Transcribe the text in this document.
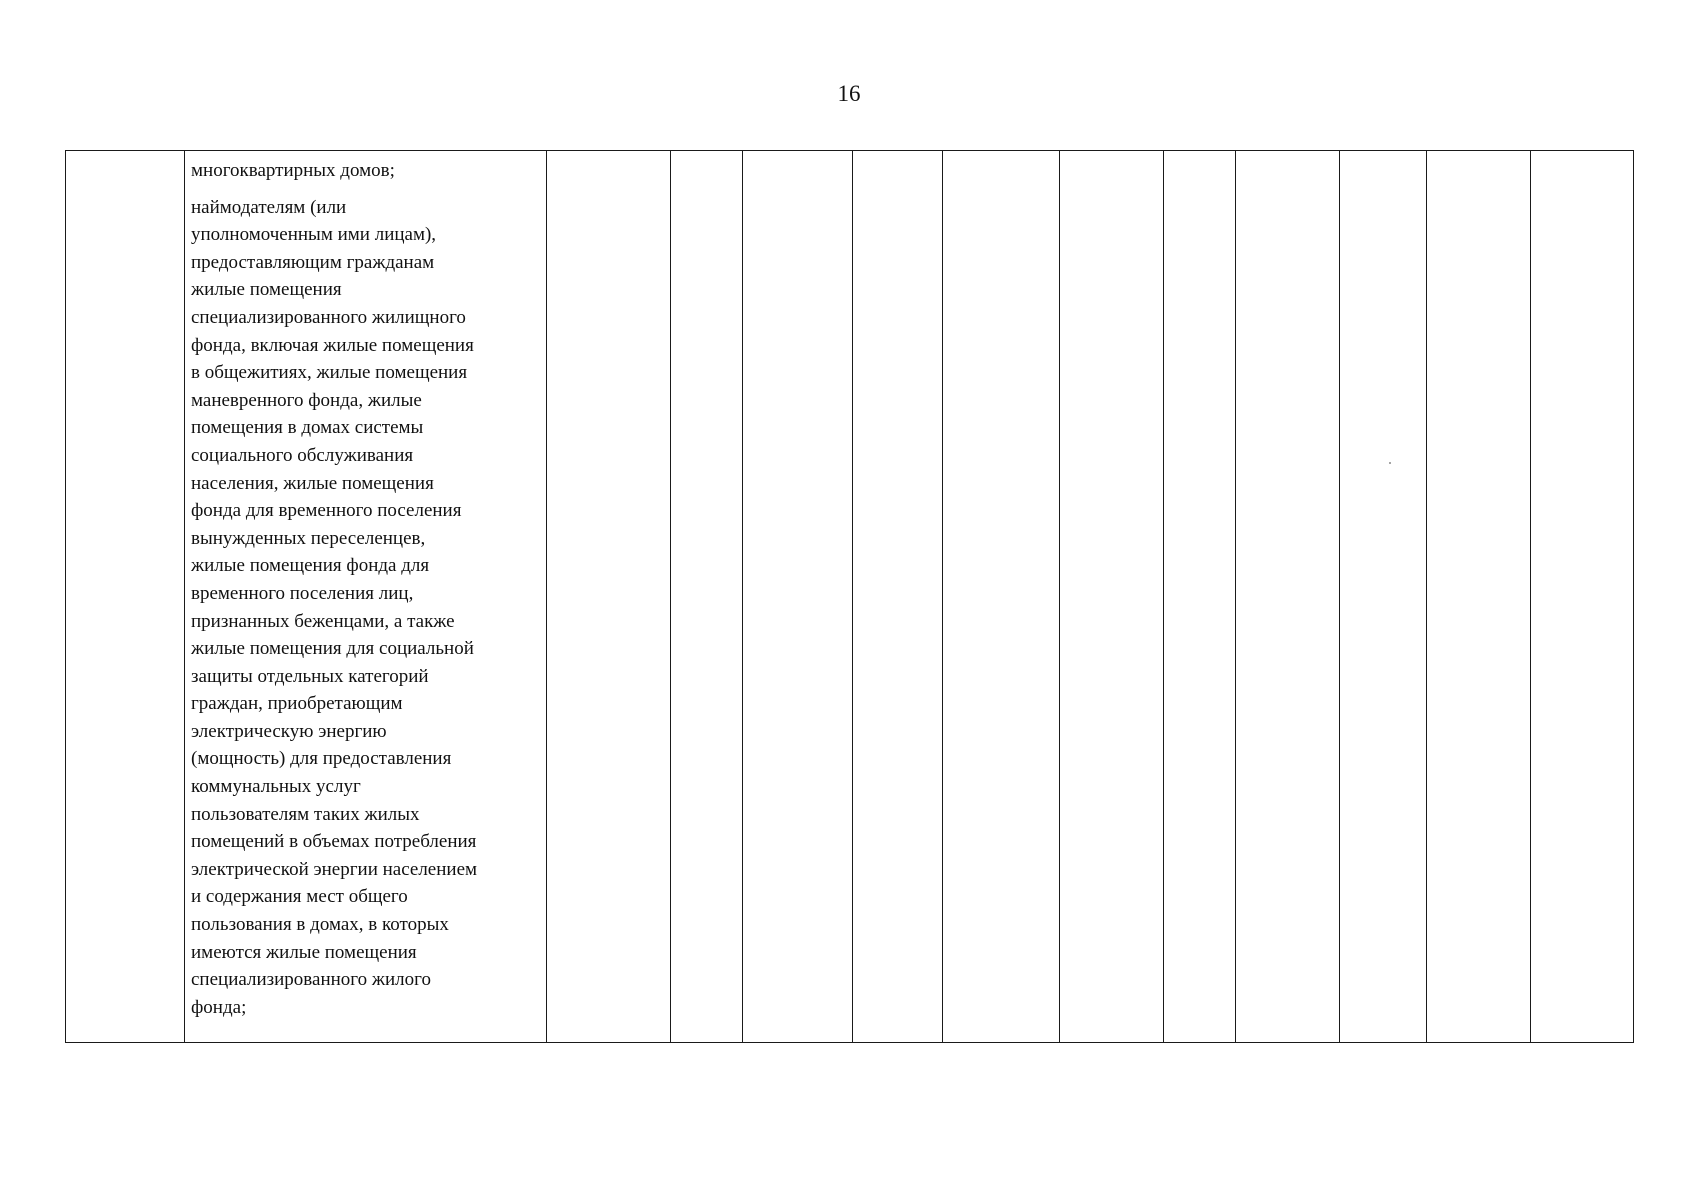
16

многоквартирных домов;

наймодателям (или
уполномоченным ими лицам),
предоставляющим гражданам
жилые помещения
специализированного жилищного
фонда, включая жилые помещения
в общежитиях, жилые помещения
маневренного фонда, жилые
помещения в домах системы
социального обслуживания
населения, жилые помещения
фонда для временного поселения
вынужденных переселенцев,
жилые помещения фонда для
временного поселения лиц,
признанных беженцами, а также
жилые помещения для социальной
защиты отдельных категорий
граждан, приобретающим
электрическую энергию
(мощность) для предоставления
коммунальных услуг
пользователям таких жилых
помещений в объемах потребления
электрической энергии населением
и содержания мест общего
пользования в домах, в которых
имеются жилые помещения
специализированного жилого
фонда;
